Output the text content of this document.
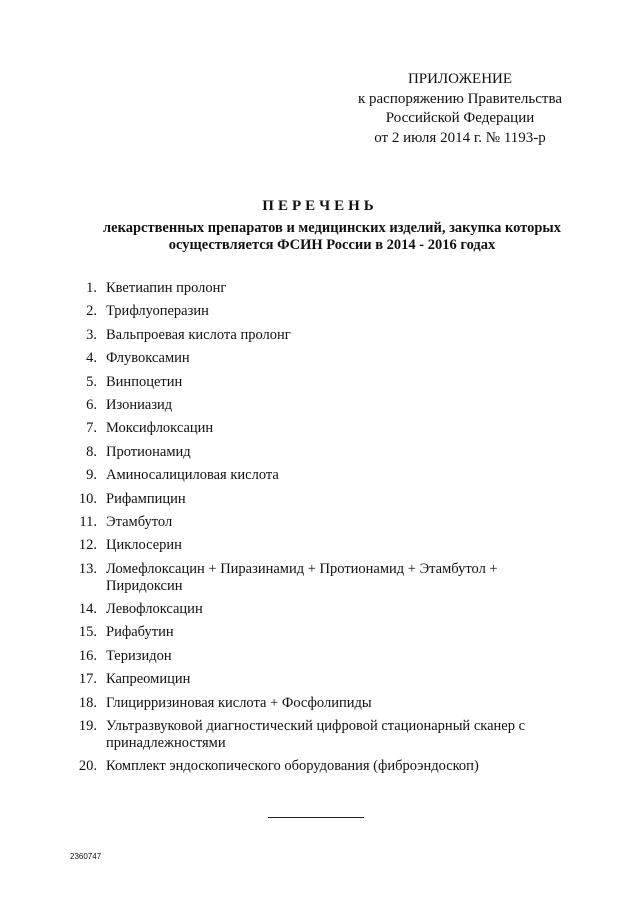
ПРИЛОЖЕНИЕ
к распоряжению Правительства
Российской Федерации
от 2 июля 2014 г. № 1193-р
ПЕРЕЧЕНЬ
лекарственных препаратов и медицинских изделий, закупка которых
осуществляется ФСИН России в 2014 - 2016 годах
1. Кветиапин пролонг
2. Трифлуоперазин
3. Вальпроевая кислота пролонг
4. Флувоксамин
5. Винпоцетин
6. Изониазид
7. Моксифлоксацин
8. Протионамид
9. Аминосалициловая кислота
10. Рифампицин
11. Этамбутол
12. Циклосерин
13. Ломефлоксацин + Пиразинамид + Протионамид + Этамбутол + Пиридоксин
14. Левофлоксацин
15. Рифабутин
16. Теризидон
17. Капреомицин
18. Глицирризиновая кислота + Фосфолипиды
19. Ультразвуковой диагностический цифровой стационарный сканер с принадлежностями
20. Комплект эндоскопического оборудования (фиброэндоскоп)
2360747
